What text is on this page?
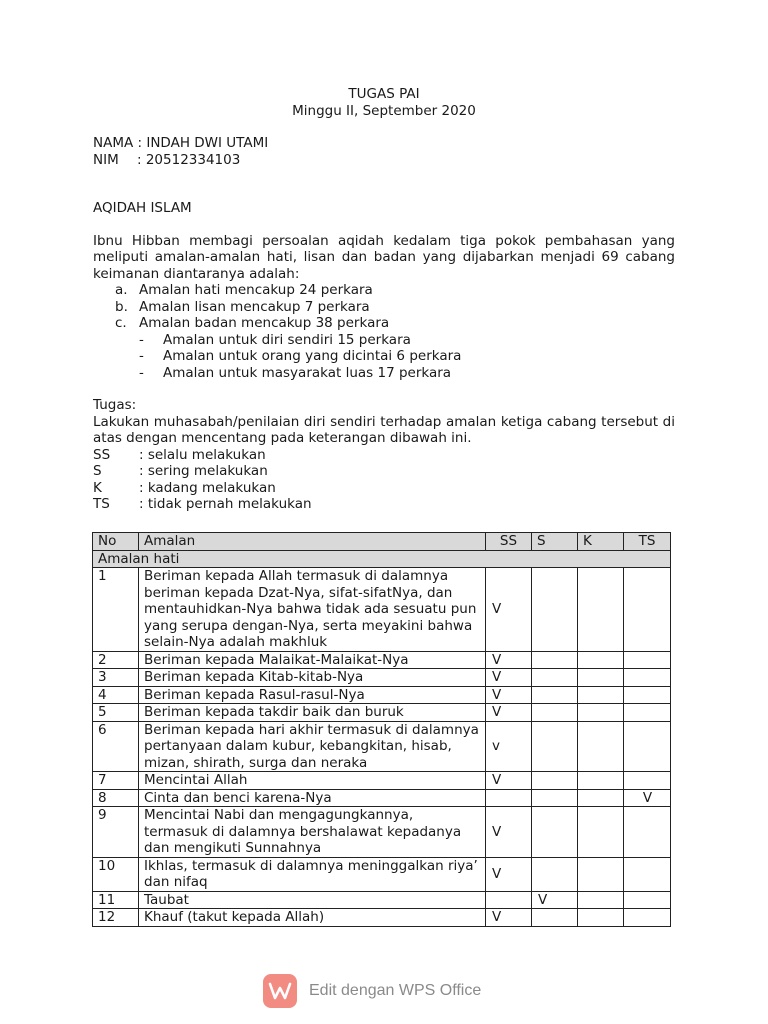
TUGAS PAI
Minggu II, September 2020
NAMA : INDAH DWI UTAMI
NIM : 20512334103
AQIDAH ISLAM
Ibnu Hibban membagi persoalan aqidah kedalam tiga pokok pembahasan yang meliputi amalan-amalan hati, lisan dan badan yang dijabarkan menjadi 69 cabang keimanan diantaranya adalah:
a. Amalan hati mencakup 24 perkara
b. Amalan lisan mencakup 7 perkara
c. Amalan badan mencakup 38 perkara
- Amalan untuk diri sendiri 15 perkara
- Amalan untuk orang yang dicintai 6 perkara
- Amalan untuk masyarakat luas 17 perkara
Tugas:
Lakukan muhasabah/penilaian diri sendiri terhadap amalan ketiga cabang tersebut di atas dengan mencentang pada keterangan dibawah ini.
SS : selalu melakukan
S	: sering melakukan
K	: kadang melakukan
TS : tidak pernah melakukan
No	Amalan	SS	S	K	TS
Amalan hati					
1	Beriman kepada Allah termasuk di dalamnya beriman kepada Dzat-Nya, sifat-sifatNya, dan mentauhidkan-Nya bahwa tidak ada sesuatu pun yang serupa dengan-Nya, serta meyakini bahwa selain-Nya adalah makhluk	V			
2	Beriman kepada Malaikat-Malaikat-Nya	V			
3	Beriman kepada Kitab-kitab-Nya	V			
4	Beriman kepada Rasul-rasul-Nya	V			
5	Beriman kepada takdir baik dan buruk	V			
6	Beriman kepada hari akhir termasuk di dalamnya pertanyaan dalam kubur, kebangkitan, hisab, mizan, shirath, surga dan neraka	v			
7	Mencintai Allah	V			
8	Cinta dan benci karena-Nya				V
9	Mencintai Nabi dan mengagungkannya, termasuk di dalamnya bershalawat kepadanya dan mengikuti Sunnahnya	V			
10	Ikhlas, termasuk di dalamnya meninggalkan riya’ dan nifaq	V			
11	Taubat		V		
12	Khauf (takut kepada Allah)	V			
Edit dengan WPS Office
